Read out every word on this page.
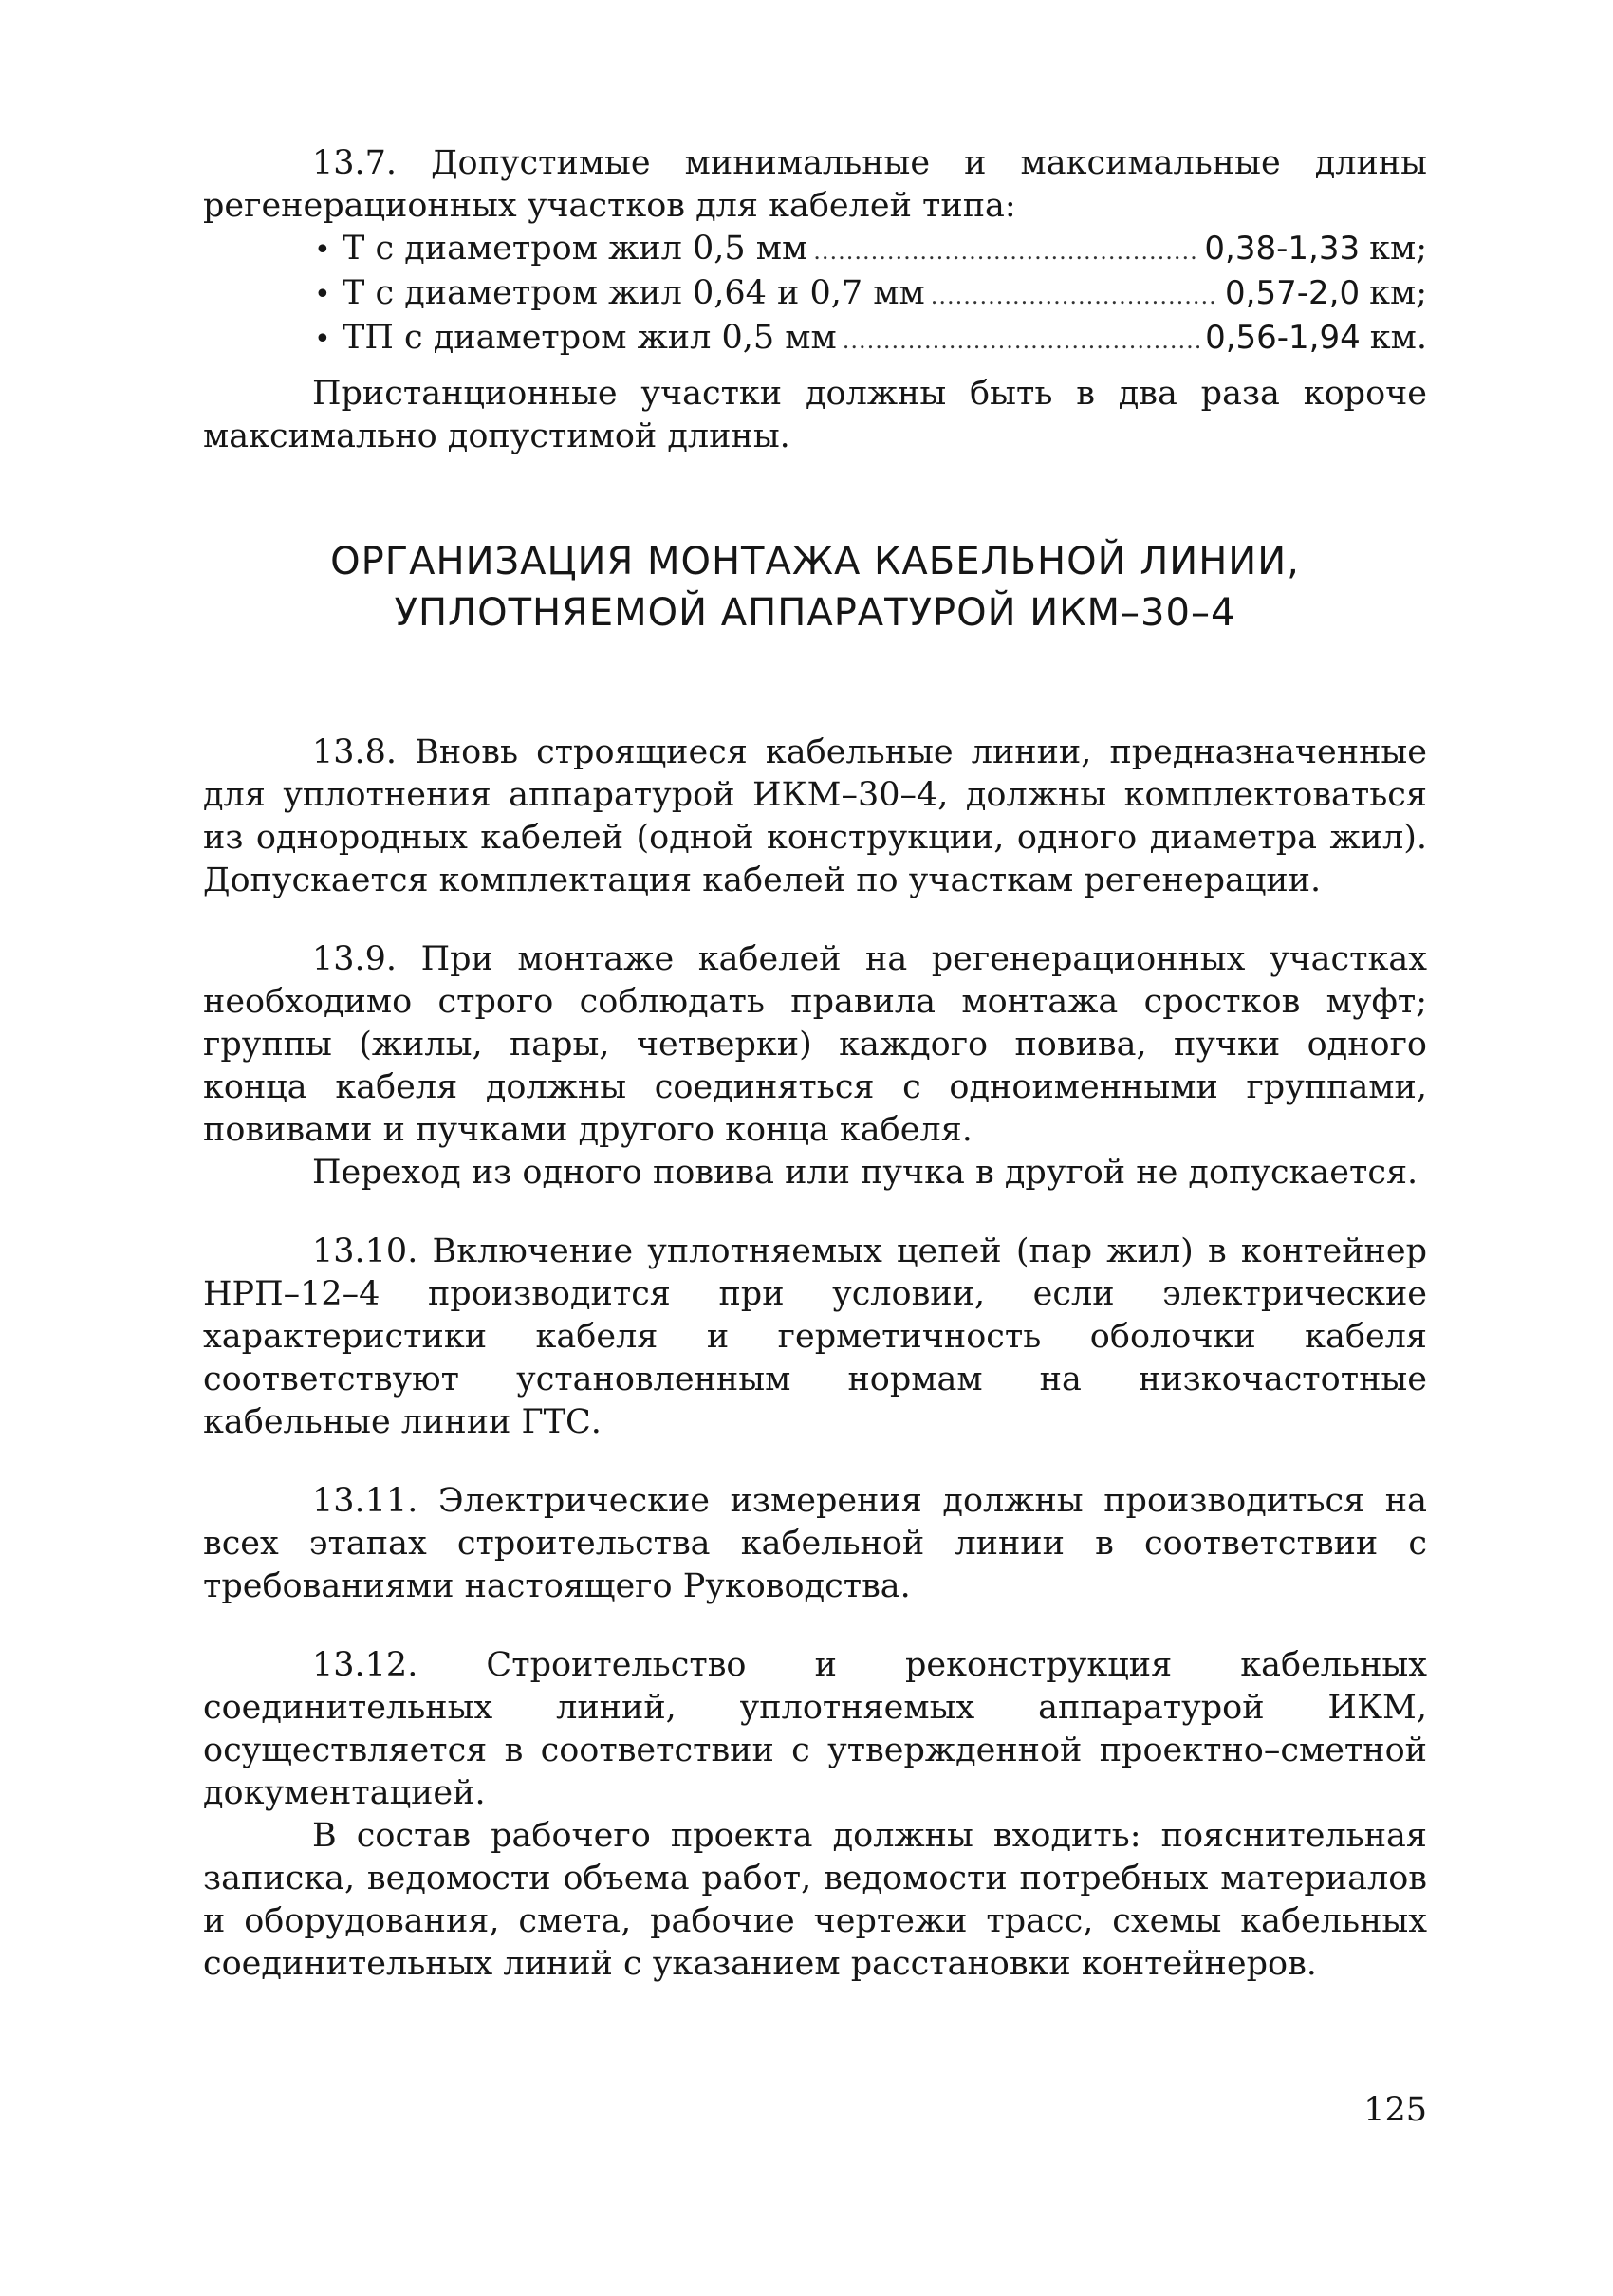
13.7. Допустимые минимальные и максимальные длины регенерационных участков для кабелей типа:

• Т с диаметром жил 0,5 мм .....	0,38-1,33 км;
• Т с диаметром жил 0,64 и 0,7 мм .....	0,57-2,0 км;
• ТП с диаметром жил 0,5 мм .....	0,56-1,94 км.

Пристанционные участки должны быть в два раза короче максимально допустимой длины.

ОРГАНИЗАЦИЯ МОНТАЖА КАБЕЛЬНОЙ ЛИНИИ,
УПЛОТНЯЕМОЙ АППАРАТУРОЙ ИКМ–30–4

13.8. Вновь строящиеся кабельные линии, предназначенные для уплотнения аппаратурой ИКМ–30–4, должны комплектоваться из однородных кабелей (одной конструкции, одного диаметра жил). Допускается комплектация кабелей по участкам регенерации.

13.9. При монтаже кабелей на регенерационных участках необходимо строго соблюдать правила монтажа сростков муфт; группы (жилы, пары, четверки) каждого повива, пучки одного конца кабеля должны соединяться с одноименными группами, повивами и пучками другого конца кабеля.

Переход из одного повива или пучка в другой не допускается.

13.10. Включение уплотняемых цепей (пар жил) в контейнер НРП–12–4 производится при условии, если электрические характеристики кабеля и герметичность оболочки кабеля соответствуют установленным нормам на низкочастотные кабельные линии ГТС.

13.11. Электрические измерения должны производиться на всех этапах строительства кабельной линии в соответствии с требованиями настоящего Руководства.

13.12. Строительство и реконструкция кабельных соединительных линий, уплотняемых аппаратурой ИКМ, осуществляется в соответствии с утвержденной проектно–сметной документацией.

В состав рабочего проекта должны входить: пояснительная записка, ведомости объема работ, ведомости потребных материалов и оборудования, смета, рабочие чертежи трасс, схемы кабельных соединительных линий с указанием расстановки контейнеров.

125
